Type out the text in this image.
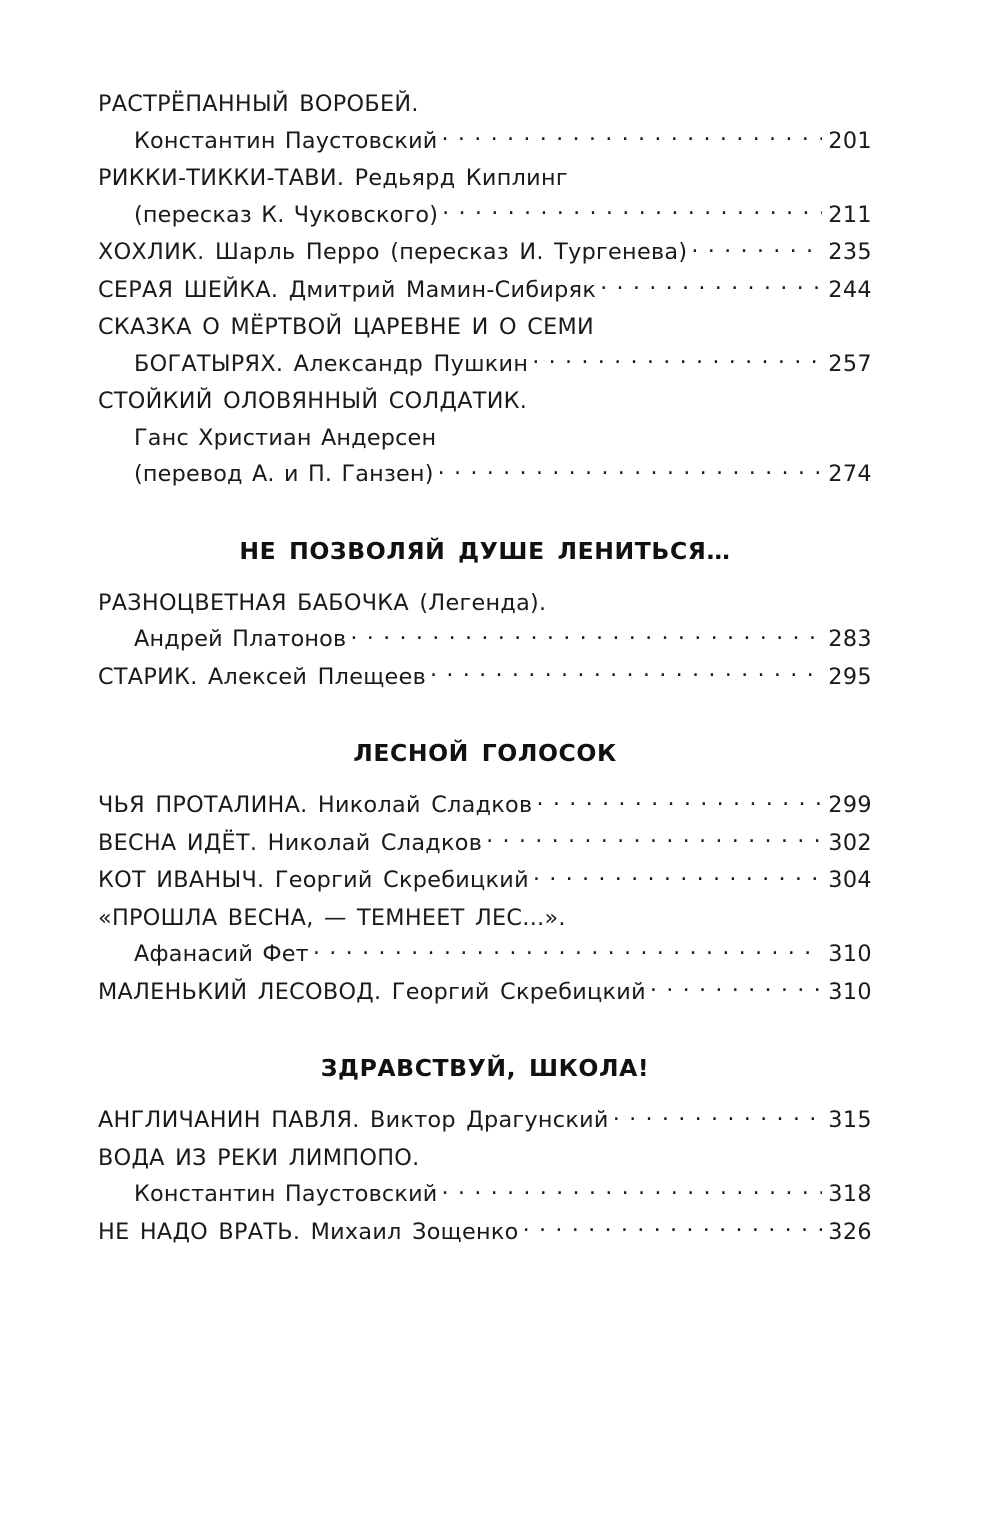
РАСТРЁПАННЫЙ ВОРОБЕЙ.
Константин Паустовский . . .	201
РИККИ-ТИККИ-ТАВИ. Редьярд Киплинг
(пересказ К. Чуковского) . . .	211
ХОХЛИК. Шарль Перро (пересказ И. Тургенева) . . .	235
СЕРАЯ ШЕЙКА. Дмитрий Мамин-Сибиряк . . .	244
СКАЗКА О МЁРТВОЙ ЦАРЕВНЕ И О СЕМИ
БОГАТЫРЯХ. Александр Пушкин . . .	257
СТОЙКИЙ ОЛОВЯННЫЙ СОЛДАТИК.
Ганс Христиан Андерсен
(перевод А. и П. Ганзен) . . .	274
НЕ ПОЗВОЛЯЙ ДУШЕ ЛЕНИТЬСЯ…
РАЗНОЦВЕТНАЯ БАБОЧКА (Легенда).
Андрей Платонов . . .	283
СТАРИК. Алексей Плещеев . . .	295
ЛЕСНОЙ ГОЛОСОК
ЧЬЯ ПРОТАЛИНА. Николай Сладков . . .	299
ВЕСНА ИДЁТ. Николай Сладков . . .	302
КОТ ИВАНЫЧ. Георгий Скребицкий . . .	304
«ПРОШЛА ВЕСНА, — ТЕМНЕЕТ ЛЕС...».
Афанасий Фет . . .	310
МАЛЕНЬКИЙ ЛЕСОВОД. Георгий Скребицкий . . .	310
ЗДРАВСТВУЙ, ШКОЛА!
АНГЛИЧАНИН ПАВЛЯ. Виктор Драгунский . . .	315
ВОДА ИЗ РЕКИ ЛИМПОПО.
Константин Паустовский . . .	318
НЕ НАДО ВРАТЬ. Михаил Зощенко . . .	326
